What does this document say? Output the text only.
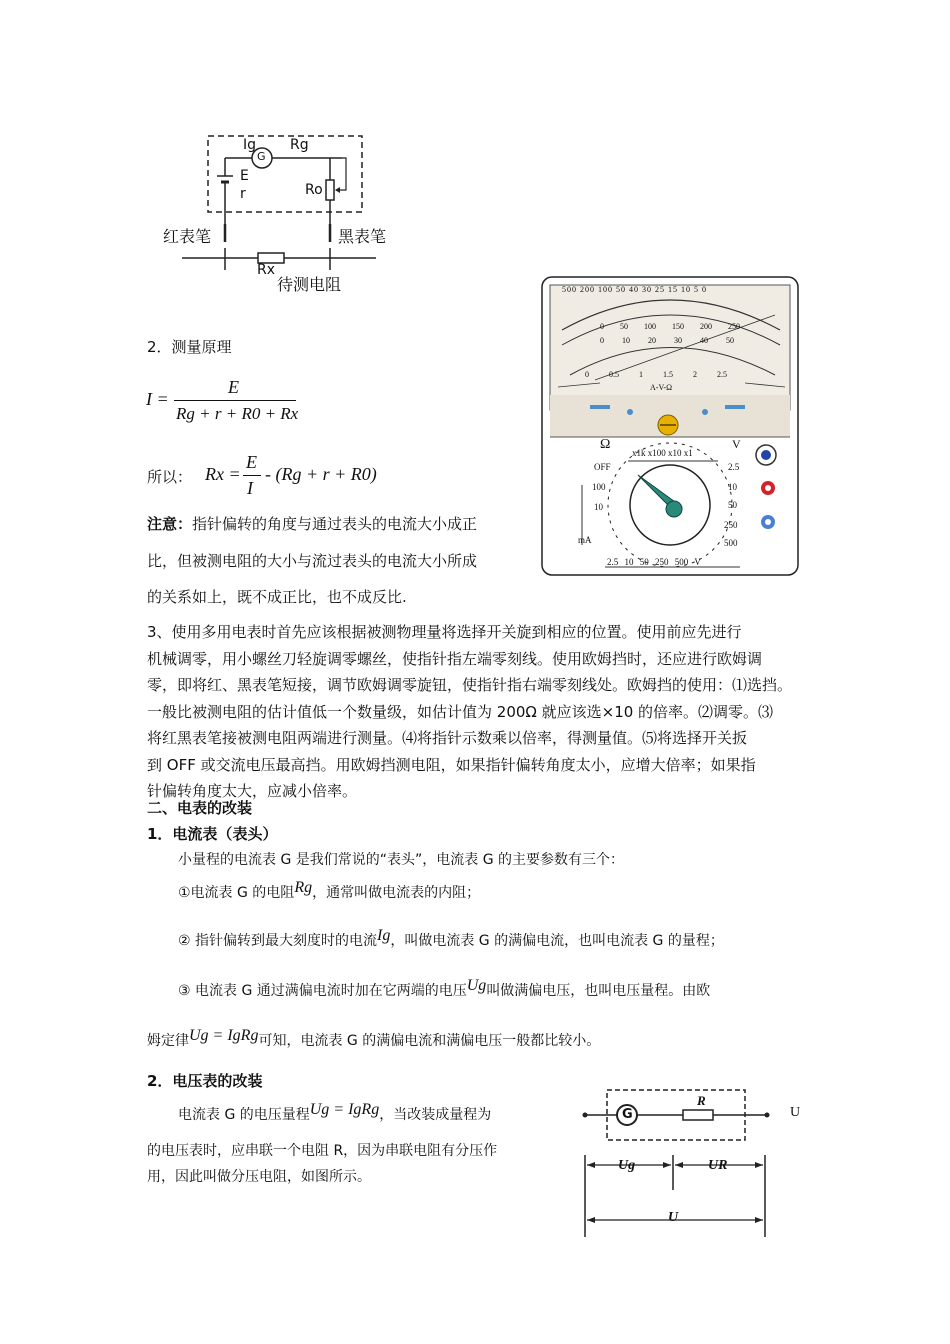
Ig
G
Rg
E
r	Ro
红表笔	黑表笔
Rx
待测电阻
2．测量原理
I =
E
Rg + r + R0 + Rx
所以： Rx =
E
I
- (Rg + r + R0)
注意：指针偏转的角度与通过表头的电流大小成正
比，但被测电阻的大小与流过表头的电流大小所成
的关系如上，既不成正比，也不成反比.
500 200 100 50 40 30 25 15 10 5 0
0 50 100 150 200 250
0 10 20 30 40 50
0	0.5	1	1.5	2	2.5
A-V-Ω
Ω	V
x1k x100 x10 x1
OFF
100
10
mA
2.5
10
50
250
500
2.5 10 50 250 500 V
3、使用多用电表时首先应该根据被测物理量将选择开关旋到相应的位置。使用前应先进行
机械调零，用小螺丝刀轻旋调零螺丝，使指针指左端零刻线。使用欧姆挡时，还应进行欧姆调
零，即将红、黑表笔短接，调节欧姆调零旋钮，使指针指右端零刻线处。欧姆挡的使用：⑴选挡。
一般比被测电阻的估计值低一个数量级，如估计值为 200Ω 就应该选×10 的倍率。⑵调零。⑶
将红黑表笔接被测电阻两端进行测量。⑷将指针示数乘以倍率，得测量值。⑸将选择开关扳
到 OFF 或交流电压最高挡。用欧姆挡测电阻，如果指针偏转角度太小，应增大倍率；如果指
针偏转角度太大，应减小倍率。
二、电表的改装
1．电流表（表头）
小量程的电流表 G 是我们常说的“表头”，电流表 G 的主要参数有三个：
①电流表 G 的电阻Rg，通常叫做电流表的内阻；
② 指针偏转到最大刻度时的电流Ig，叫做电流表 G 的满偏电流，也叫电流表 G 的量程；
③ 电流表 G 通过满偏电流时加在它两端的电压Ug叫做满偏电压，也叫电压量程。由欧
姆定律Ug = IgRg可知，电流表 G 的满偏电流和满偏电压一般都比较小。
2．电压表的改装
电流表 G 的电压量程Ug = IgRg，当改装成量程为
的电压表时，应串联一个电阻 R，因为串联电阻有分压作
用，因此叫做分压电阻，如图所示。
G
R
Ug	UR
U
U
